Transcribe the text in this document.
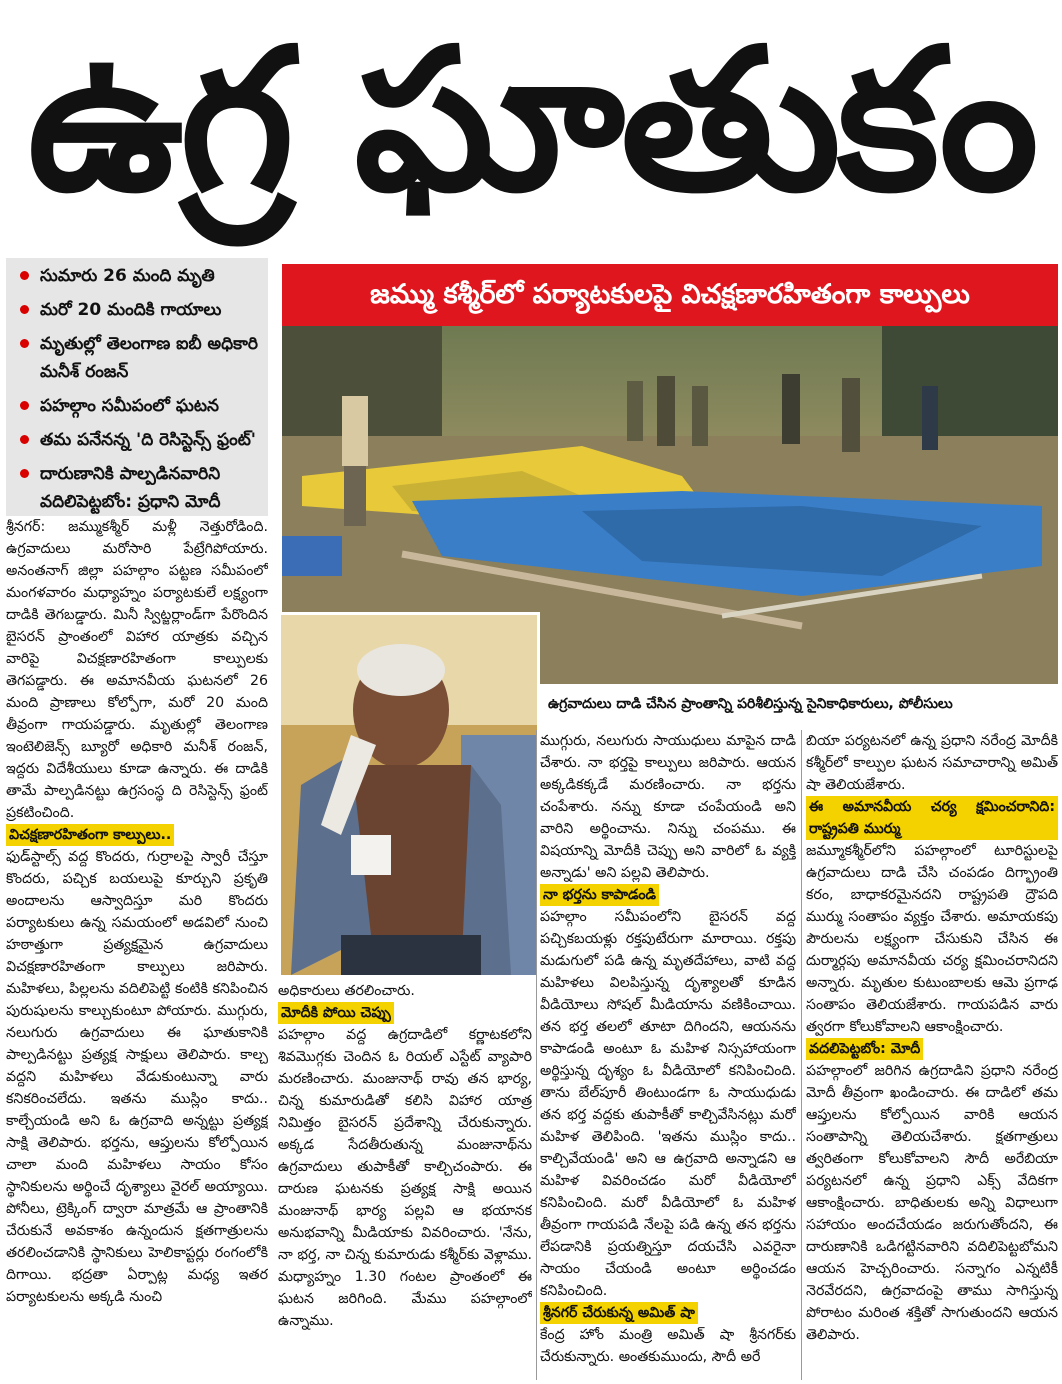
ఉగ్ర ఘాతుకం
సుమారు 26 మంది మృతి
మరో 20 మందికి గాయాలు
మృతుల్లో తెలంగాణ ఐబీ అధికారి మనీశ్‌ రంజన్‌
పహల్గాం సమీపంలో ఘటన
తమ పనేనన్న 'ది రెసిస్టెన్స్‌ ఫ్రంట్‌'
దారుణానికి పాల్పడినవారిని వదిలిపెట్టబోం: ప్రధాని మోదీ
జమ్ము కశ్మీర్‌లో పర్యాటకులపై విచక్షణారహితంగా కాల్పులు
ఉగ్రవాదులు దాడి చేసిన ప్రాంతాన్ని పరిశీలిస్తున్న సైనికాధికారులు, పోలీసులు

శ్రీనగర్‌: జమ్ముకశ్మీర్‌ మళ్లీ నెత్తురోడింది. ఉగ్రవాదులు మరోసారి పేట్రేగిపోయారు. అనంతనాగ్‌ జిల్లా పహల్గాం పట్టణ సమీపంలో మంగళవారం మధ్యాహ్నం పర్యాటకులే లక్ష్యంగా దాడికి తెగబడ్డారు. మినీ స్విట్జర్లాండ్‌గా పేరొందిన బైసరన్‌ ప్రాంతంలో విహార యాత్రకు వచ్చిన వారిపై విచక్షణారహితంగా కాల్పులకు తెగపడ్డారు. ఈ అమానవీయ ఘటనలో 26 మంది ప్రాణాలు కోల్పోగా, మరో 20 మంది తీవ్రంగా గాయపడ్డారు. మృతుల్లో తెలంగాణ ఇంటెలిజెన్స్‌ బ్యూరో అధికారి మనీశ్‌ రంజన్‌, ఇద్దరు విదేశీయులు కూడా ఉన్నారు. ఈ దాడికి తామే పాల్పడినట్టు ఉగ్రసంస్థ ది రెసిస్టెన్స్‌ ఫ్రంట్‌ ప్రకటించింది.

విచక్షణారహితంగా కాల్పులు..

ఫుడ్‌స్టాల్స్‌ వద్ద కొందరు, గుర్రాలపై స్వారీ చేస్తూ కొందరు, పచ్చిక బయలుపై కూర్చుని ప్రకృతి అందాలను ఆస్వాదిస్తూ మరి కొందరు పర్యాటకులు ఉన్న సమయంలో అడవిలో నుంచి హఠాత్తుగా ప్రత్యక్షమైన ఉగ్రవాదులు విచక్షణారహితంగా కాల్పులు జరిపారు. మహిళలు, పిల్లలను వదిలిపెట్టి కంటికి కనిపించిన పురుషులను కాల్చుకుంటూ పోయారు. ముగ్గురు, నలుగురు ఉగ్రవాదులు ఈ ఘాతుకానికి పాల్పడినట్టు ప్రత్యక్ష సాక్షులు తెలిపారు. కాల్చ వద్దని మహిళలు వేడుకుంటున్నా వారు కనికరించలేదు. ఇతను ముస్లిం కాదు.. కాల్చేయండి అని ఓ ఉగ్రవాది అన్నట్టు ప్రత్యక్ష సాక్షి తెలిపారు. భర్తను, ఆప్తులను కోల్పోయిన చాలా మంది మహిళలు సాయం కోసం స్థానికులను అర్థించే దృశ్యాలు వైరల్‌ అయ్యాయి. పోనీలు, ట్రెక్కింగ్‌ ద్వారా మాత్రమే ఆ ప్రాంతానికి చేరుకునే అవకాశం ఉన్నందున క్షతగాత్రులను తరలించడానికి స్థానికులు హెలికాప్టర్లు రంగంలోకి దిగాయి. భద్రతా ఏర్పాట్ల మధ్య ఇతర పర్యాటకులను అక్కడి నుంచి

అధికారులు తరలించారు.

మోదీకి పోయి చెప్పు

పహల్గాం వద్ద ఉగ్రదాడిలో కర్ణాటకలోని శివమొగ్గకు చెందిన ఓ రియల్‌ ఎస్టేట్‌ వ్యాపారి మరణించారు. మంజునాథ్‌ రావు తన భార్య, చిన్న కుమారుడితో కలిసి విహార యాత్ర నిమిత్తం బైసరన్‌ ప్రదేశాన్ని చేరుకున్నారు. అక్కడ సేదతీరుతున్న మంజునాథ్‌ను ఉగ్రవాదులు తుపాకీతో కాల్చిచంపారు. ఈ దారుణ ఘటనకు ప్రత్యక్ష సాక్షి అయిన మంజునాథ్‌ భార్య పల్లవి ఆ భయానక అనుభవాన్ని మీడియాకు వివరించారు. 'నేను, నా భర్త, నా చిన్న కుమారుడు కశ్మీర్‌కు వెళ్లాము. మధ్యాహ్నం 1.30 గంటల ప్రాంతంలో ఈ ఘటన జరిగింది. మేము పహల్గాంలో ఉన్నాము.

ముగ్గురు, నలుగురు సాయుధులు మాపైన దాడి చేశారు. నా భర్తపై కాల్పులు జరిపారు. ఆయన అక్కడికక్కడే మరణించారు. నా భర్తను చంపేశారు. నన్ను కూడా చంపేయండి అని వారిని అర్థించాను. నిన్ను చంపము. ఈ విషయాన్ని మోదీకి చెప్పు అని వారిలో ఓ వ్యక్తి అన్నాడు' అని పల్లవి తెలిపారు.

నా భర్తను కాపాడండి

పహల్గాం సమీపంలోని బైసరన్‌ వద్ద పచ్చికబయళ్లు రక్తపుటేరుగా మారాయి. రక్తపు మడుగులో పడి ఉన్న మృతదేహాలు, వాటి వద్ద మహిళలు విలపిస్తున్న దృశ్యాలతో కూడిన వీడియోలు సోషల్‌ మీడియాను వణికించాయి. తన భర్త తలలో తూటా దిగిందని, ఆయనను కాపాడండి అంటూ ఓ మహిళ నిస్సహాయంగా అర్థిస్తున్న దృశ్యం ఓ వీడియోలో కనిపించింది. తాను బేల్‌పూరీ తింటుండగా ఓ సాయుధుడు తన భర్త వద్దకు తుపాకీతో కాల్చివేసినట్లు మరో మహిళ తెలిపింది. 'ఇతను ముస్లిం కాదు.. కాల్చివేయండి' అని ఆ ఉగ్రవాది అన్నాడని ఆ మహిళ వివరించడం మరో వీడియోలో కనిపించింది. మరో వీడియోలో ఓ మహిళ తీవ్రంగా గాయపడి నేలపై పడి ఉన్న తన భర్తను లేపడానికి ప్రయత్నిస్తూ దయచేసి ఎవరైనా సాయం చేయండి అంటూ అర్థించడం కనిపించింది.

శ్రీనగర్‌ చేరుకున్న అమిత్‌ షా

కేంద్ర హోం మంత్రి అమిత్‌ షా శ్రీనగర్‌కు చేరుకున్నారు. అంతకుముందు, సౌదీ అరే

బియా పర్యటనలో ఉన్న ప్రధాని నరేంద్ర మోదీకి కశ్మీర్‌లో కాల్పుల ఘటన సమాచారాన్ని అమిత్‌ షా తెలియజేశారు.

ఈ అమానవీయ చర్య క్షమించరానిది: రాష్ట్రపతి ముర్ము

జమ్మూకశ్మీర్‌లోని పహల్గాంలో టూరిస్టులపై ఉగ్రవాదులు దాడి చేసి చంపడం దిగ్భ్రాంతి కరం, బాధాకరమైనదని రాష్ట్రపతి ద్రౌపది ముర్ము సంతాపం వ్యక్తం చేశారు. అమాయకపు పౌరులను లక్ష్యంగా చేసుకుని చేసిన ఈ దుర్మార్గపు అమానవీయ చర్య క్షమించరానిదని అన్నారు. మృతుల కుటుంబాలకు ఆమె ప్రగాఢ సంతాపం తెలియజేశారు. గాయపడిన వారు త్వరగా కోలుకోవాలని ఆకాంక్షించారు.

వదలిపెట్టబోం: మోదీ

పహల్గాంలో జరిగిన ఉగ్రదాడిని ప్రధాని నరేంద్ర మోదీ తీవ్రంగా ఖండించారు. ఈ దాడిలో తమ ఆప్తులను కోల్పోయిన వారికి ఆయన సంతాపాన్ని తెలియచేశారు. క్షతగాత్రులు త్వరితంగా కోలుకోవాలని సౌదీ అరేబియా పర్యటనలో ఉన్న ప్రధాని ఎక్స్‌ వేదికగా ఆకాంక్షించారు. బాధితులకు అన్ని విధాలుగా సహాయం అందచేయడం జరుగుతోందని, ఈ దారుణానికి ఒడిగట్టినవారిని వదిలిపెట్టబోమని ఆయన హెచ్చరించారు. సన్నాగం ఎన్నటికీ నెరవేరదని, ఉగ్రవాదంపై తాము సాగిస్తున్న పోరాటం మరింత శక్తితో సాగుతుందని ఆయన తెలిపారు.
